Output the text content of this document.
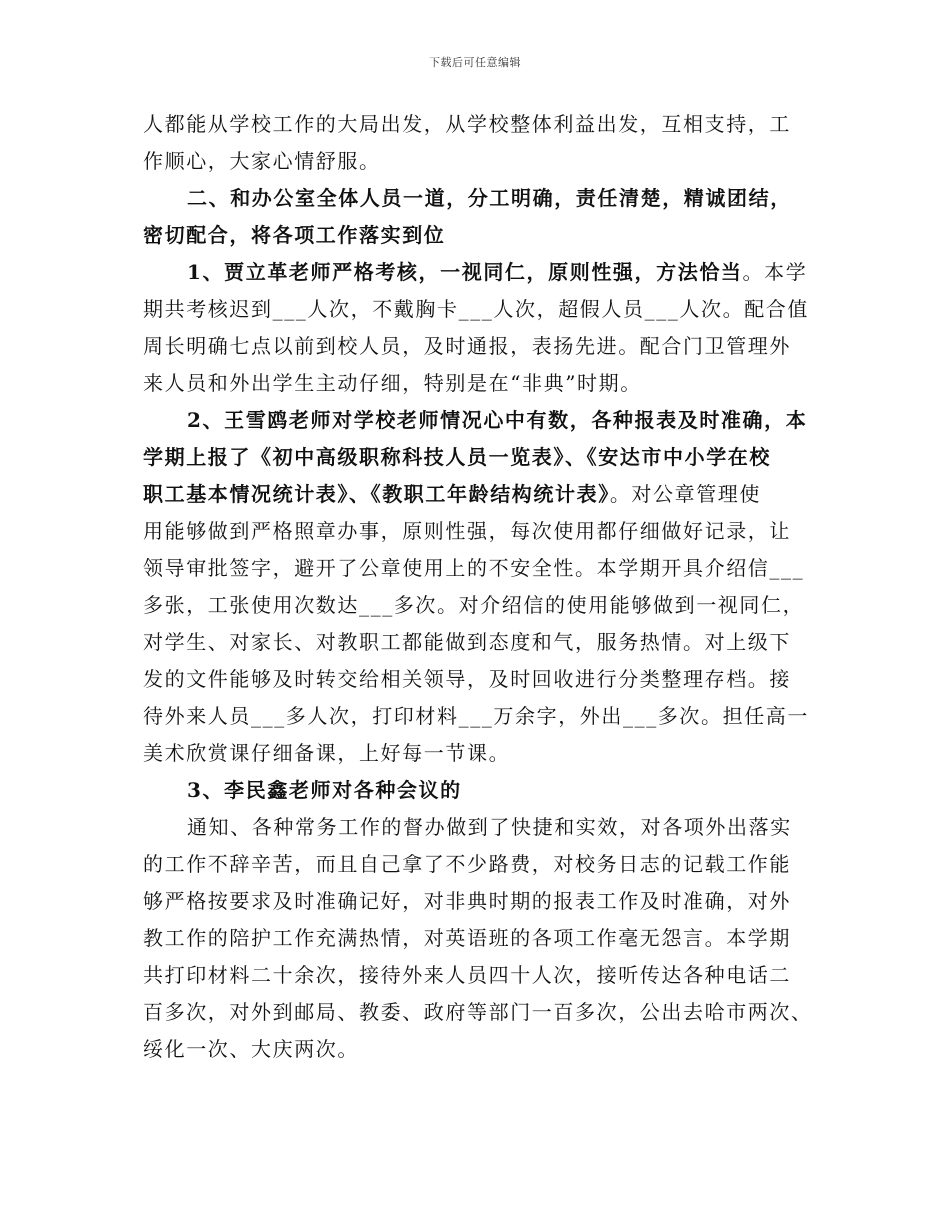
下载后可任意编辑
人都能从学校工作的大局出发，从学校整体利益出发，互相支持，工
作顺心，大家心情舒服。
二、和办公室全体人员一道，分工明确，责任清楚，精诚团结，
密切配合，将各项工作落实到位
1、贾立革老师严格考核，一视同仁，原则性强，方法恰当。本学
期共考核迟到___人次，不戴胸卡___人次，超假人员___人次。配合值
周长明确七点以前到校人员，及时通报，表扬先进。配合门卫管理外
来人员和外出学生主动仔细，特别是在“非典”时期。
2、王雪鸥老师对学校老师情况心中有数，各种报表及时准确，本
学期上报了《初中高级职称科技人员一览表》、《安达市中小学在校
职工基本情况统计表》、《教职工年龄结构统计表》。对公章管理使
用能够做到严格照章办事，原则性强，每次使用都仔细做好记录，让
领导审批签字，避开了公章使用上的不安全性。本学期开具介绍信___
多张，工张使用次数达___多次。对介绍信的使用能够做到一视同仁，
对学生、对家长、对教职工都能做到态度和气，服务热情。对上级下
发的文件能够及时转交给相关领导，及时回收进行分类整理存档。接
待外来人员___多人次，打印材料___万余字，外出___多次。担任高一
美术欣赏课仔细备课，上好每一节课。
3、李民鑫老师对各种会议的
通知、各种常务工作的督办做到了快捷和实效，对各项外出落实
的工作不辞辛苦，而且自己拿了不少路费，对校务日志的记载工作能
够严格按要求及时准确记好，对非典时期的报表工作及时准确，对外
教工作的陪护工作充满热情，对英语班的各项工作毫无怨言。本学期
共打印材料二十余次，接待外来人员四十人次，接听传达各种电话二
百多次，对外到邮局、教委、政府等部门一百多次，公出去哈市两次、
绥化一次、大庆两次。
